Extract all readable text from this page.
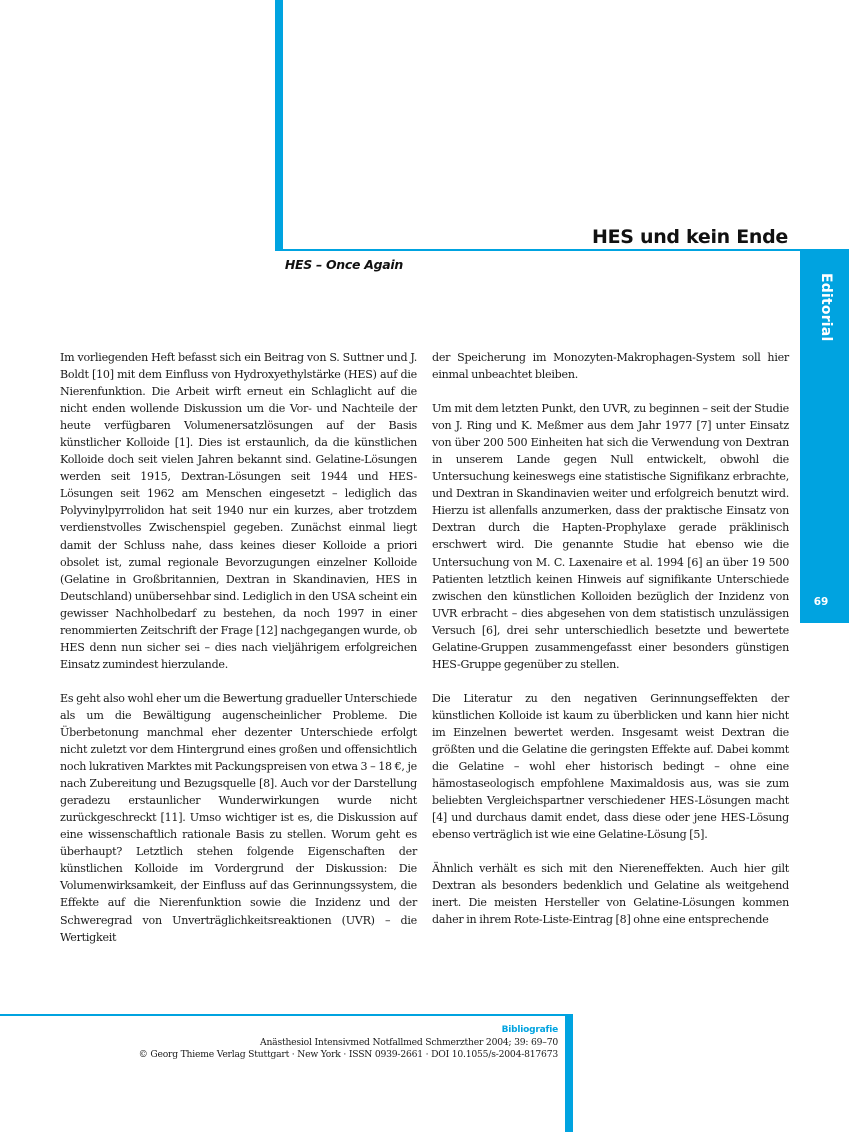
HES und kein Ende
HES – Once Again
Editorial
69

Im vorliegenden Heft befasst sich ein Beitrag von S. Suttner und J. Boldt [10] mit dem Einfluss von Hydroxyethylstärke (HES) auf die Nierenfunktion. Die Arbeit wirft erneut ein Schlaglicht auf die nicht enden wollende Diskussion um die Vor- und Nachteile der heute verfügbaren Volumenersatzlösungen auf der Basis künstlicher Kolloide [1]. Dies ist erstaunlich, da die künstlichen Kolloide doch seit vielen Jahren bekannt sind. Gelatine-Lösungen werden seit 1915, Dextran-Lösungen seit 1944 und HES-Lösungen seit 1962 am Menschen eingesetzt – lediglich das Polyvinylpyrrolidon hat seit 1940 nur ein kurzes, aber trotzdem verdienstvolles Zwischenspiel gegeben. Zunächst einmal liegt damit der Schluss nahe, dass keines dieser Kolloide a priori obsolet ist, zumal regionale Bevorzugungen einzelner Kolloide (Gelatine in Großbritannien, Dextran in Skandinavien, HES in Deutschland) unübersehbar sind. Lediglich in den USA scheint ein gewisser Nachholbedarf zu bestehen, da noch 1997 in einer renommierten Zeitschrift der Frage [12] nachgegangen wurde, ob HES denn nun sicher sei – dies nach vieljährigem erfolgreichen Einsatz zumindest hierzulande.

Es geht also wohl eher um die Bewertung gradueller Unterschiede als um die Bewältigung augenscheinlicher Probleme. Die Überbetonung manchmal eher dezenter Unterschiede erfolgt nicht zuletzt vor dem Hintergrund eines großen und offensichtlich noch lukrativen Marktes mit Packungspreisen von etwa 3 – 18 €, je nach Zubereitung und Bezugsquelle [8]. Auch vor der Darstellung geradezu erstaunlicher Wunderwirkungen wurde nicht zurückgeschreckt [11]. Umso wichtiger ist es, die Diskussion auf eine wissenschaftlich rationale Basis zu stellen. Worum geht es überhaupt? Letztlich stehen folgende Eigenschaften der künstlichen Kolloide im Vordergrund der Diskussion: Die Volumenwirksamkeit, der Einfluss auf das Gerinnungssystem, die Effekte auf die Nierenfunktion sowie die Inzidenz und der Schweregrad von Unverträglichkeitsreaktionen (UVR) – die Wertigkeit

der Speicherung im Monozyten-Makrophagen-System soll hier einmal unbeachtet bleiben.

Um mit dem letzten Punkt, den UVR, zu beginnen – seit der Studie von J. Ring und K. Meßmer aus dem Jahr 1977 [7] unter Einsatz von über 200 500 Einheiten hat sich die Verwendung von Dextran in unserem Lande gegen Null entwickelt, obwohl die Untersuchung keineswegs eine statistische Signifikanz erbrachte, und Dextran in Skandinavien weiter und erfolgreich benutzt wird. Hierzu ist allenfalls anzumerken, dass der praktische Einsatz von Dextran durch die Hapten-Prophylaxe gerade präklinisch erschwert wird. Die genannte Studie hat ebenso wie die Untersuchung von M. C. Laxenaire et al. 1994 [6] an über 19 500 Patienten letztlich keinen Hinweis auf signifikante Unterschiede zwischen den künstlichen Kolloiden bezüglich der Inzidenz von UVR erbracht – dies abgesehen von dem statistisch unzulässigen Versuch [6], drei sehr unterschiedlich besetzte und bewertete Gelatine-Gruppen zusammengefasst einer besonders günstigen HES-Gruppe gegenüber zu stellen.

Die Literatur zu den negativen Gerinnungseffekten der künstlichen Kolloide ist kaum zu überblicken und kann hier nicht im Einzelnen bewertet werden. Insgesamt weist Dextran die größten und die Gelatine die geringsten Effekte auf. Dabei kommt die Gelatine – wohl eher historisch bedingt – ohne eine hämostaseologisch empfohlene Maximaldosis aus, was sie zum beliebten Vergleichspartner verschiedener HES-Lösungen macht [4] und durchaus damit endet, dass diese oder jene HES-Lösung ebenso verträglich ist wie eine Gelatine-Lösung [5].

Ähnlich verhält es sich mit den Niereneffekten. Auch hier gilt Dextran als besonders bedenklich und Gelatine als weitgehend inert. Die meisten Hersteller von Gelatine-Lösungen kommen daher in ihrem Rote-Liste-Eintrag [8] ohne eine entsprechende

Bibliografie
Anästhesiol Intensivmed Notfallmed Schmerzther 2004; 39: 69–70
© Georg Thieme Verlag Stuttgart · New York · ISSN 0939-2661 · DOI 10.1055/s-2004-817673
